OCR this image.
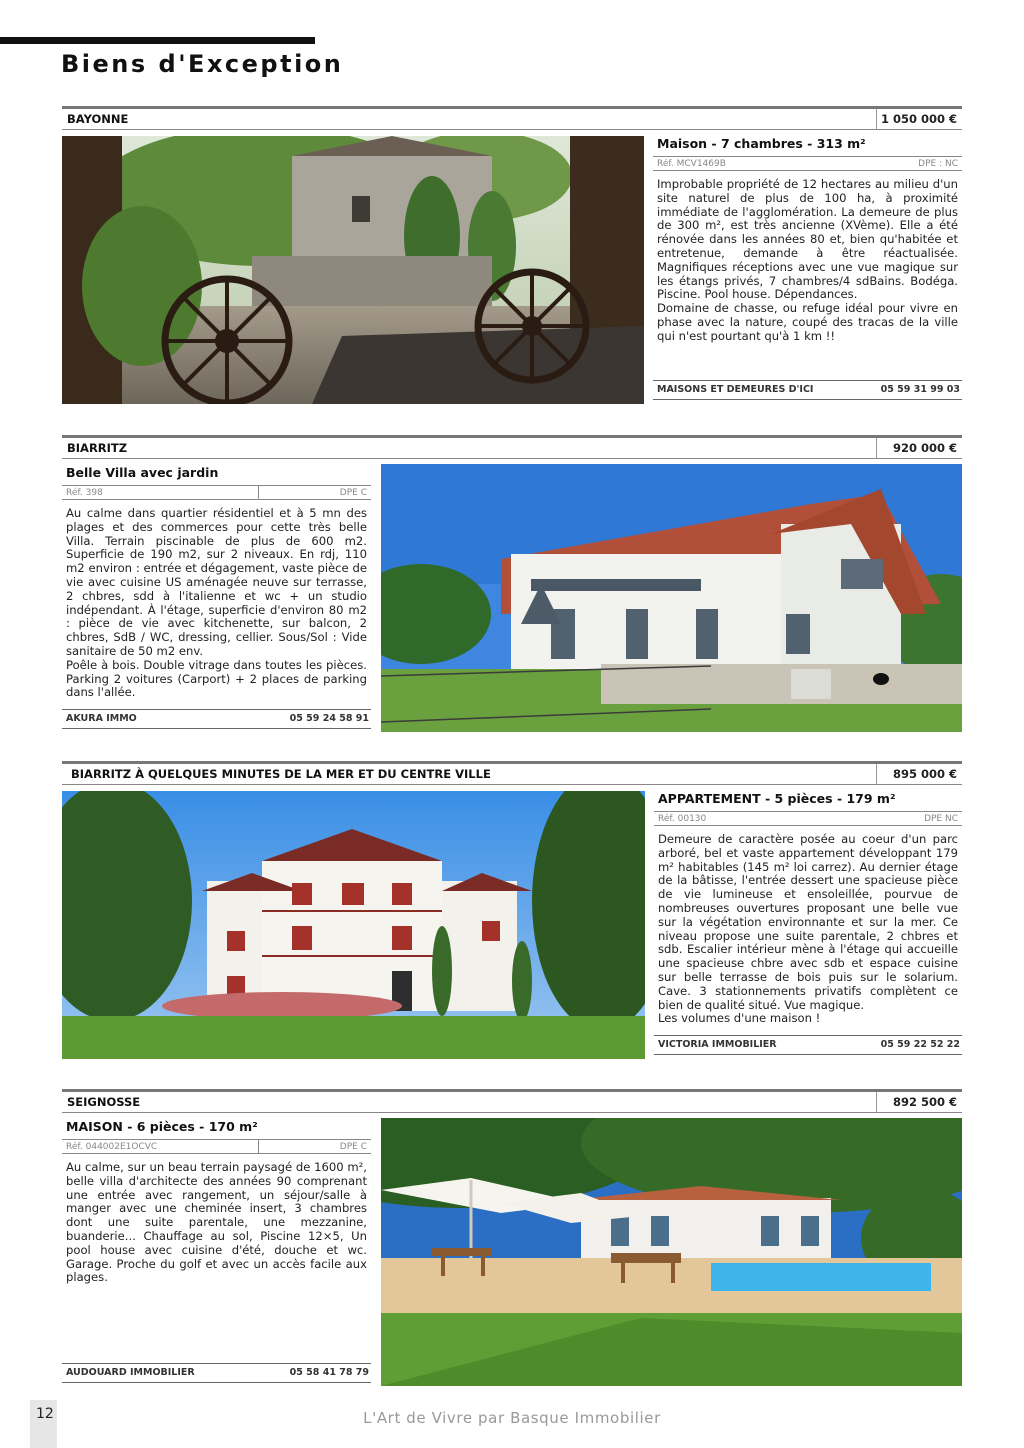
Biens d'Exception
BAYONNE	1 050 000 €
Maison - 7 chambres - 313 m²
Réf. MCV1469B	DPE : NC

Improbable propriété de 12 hectares au milieu d'un site naturel de plus de 100 ha, à proximité immédiate de l'agglomération. La demeure de plus de 300 m², est très ancienne (XVème). Elle a été rénovée dans les années 80 et, bien qu'habitée et entretenue, demande à être réactualisée. Magnifiques réceptions avec une vue magique sur les étangs privés, 7 chambres/4 sdBains. Bodéga. Piscine. Pool house. Dépendances.

Domaine de chasse, ou refuge idéal pour vivre en phase avec la nature, coupé des tracas de la ville qui n'est pourtant qu'à 1 km !!

MAISONS ET DEMEURES D'ICI	05 59 31 99 03
BIARRITZ	920 000 €
Belle Villa avec jardin
Réf. 398	DPE C

Au calme dans quartier résidentiel et à 5 mn des plages et des commerces pour cette très belle Villa. Terrain piscinable de plus de 600 m2. Superficie de 190 m2, sur 2 niveaux. En rdj, 110 m2 environ : entrée et dégagement, vaste pièce de vie avec cuisine US aménagée neuve sur terrasse, 2 chbres, sdd à l'italienne et wc + un studio indépendant. À l'étage, superficie d'environ 80 m2 : pièce de vie avec kitchenette, sur balcon, 2 chbres, SdB / WC, dressing, cellier. Sous/Sol : Vide sanitaire de 50 m2 env.

Poêle à bois. Double vitrage dans toutes les pièces. Parking 2 voitures (Carport) + 2 places de parking dans l'allée.

AKURA IMMO	05 59 24 58 91
BIARRITZ À QUELQUES MINUTES DE LA MER ET DU CENTRE VILLE	895 000 €
APPARTEMENT - 5 pièces - 179 m²
Réf. 00130	DPE NC

Demeure de caractère posée au coeur d'un parc arboré, bel et vaste appartement développant 179 m² habitables (145 m² loi carrez). Au dernier étage de la bâtisse, l'entrée dessert une spacieuse pièce de vie lumineuse et ensoleillée, pourvue de nombreuses ouvertures proposant une belle vue sur la végétation environnante et sur la mer. Ce niveau propose une suite parentale, 2 chbres et sdb. Escalier intérieur mène à l'étage qui accueille une spacieuse chbre avec sdb et espace cuisine sur belle terrasse de bois puis sur le solarium. Cave. 3 stationnements privatifs complètent ce bien de qualité situé. Vue magique.

Les volumes d'une maison !

VICTORIA IMMOBILIER	05 59 22 52 22
SEIGNOSSE	892 500 €
MAISON - 6 pièces - 170 m²
Réf. 044002E1OCVC	DPE C

Au calme, sur un beau terrain paysagé de 1600 m², belle villa d'architecte des années 90 comprenant une entrée avec rangement, un séjour/salle à manger avec une cheminée insert, 3 chambres dont une suite parentale, une mezzanine, buanderie... Chauffage au sol, Piscine 12×5, Un pool house avec cuisine d'été, douche et wc. Garage. Proche du golf et avec un accès facile aux plages.

AUDOUARD IMMOBILIER	05 58 41 78 79
12	L'Art de Vivre par Basque Immobilier
